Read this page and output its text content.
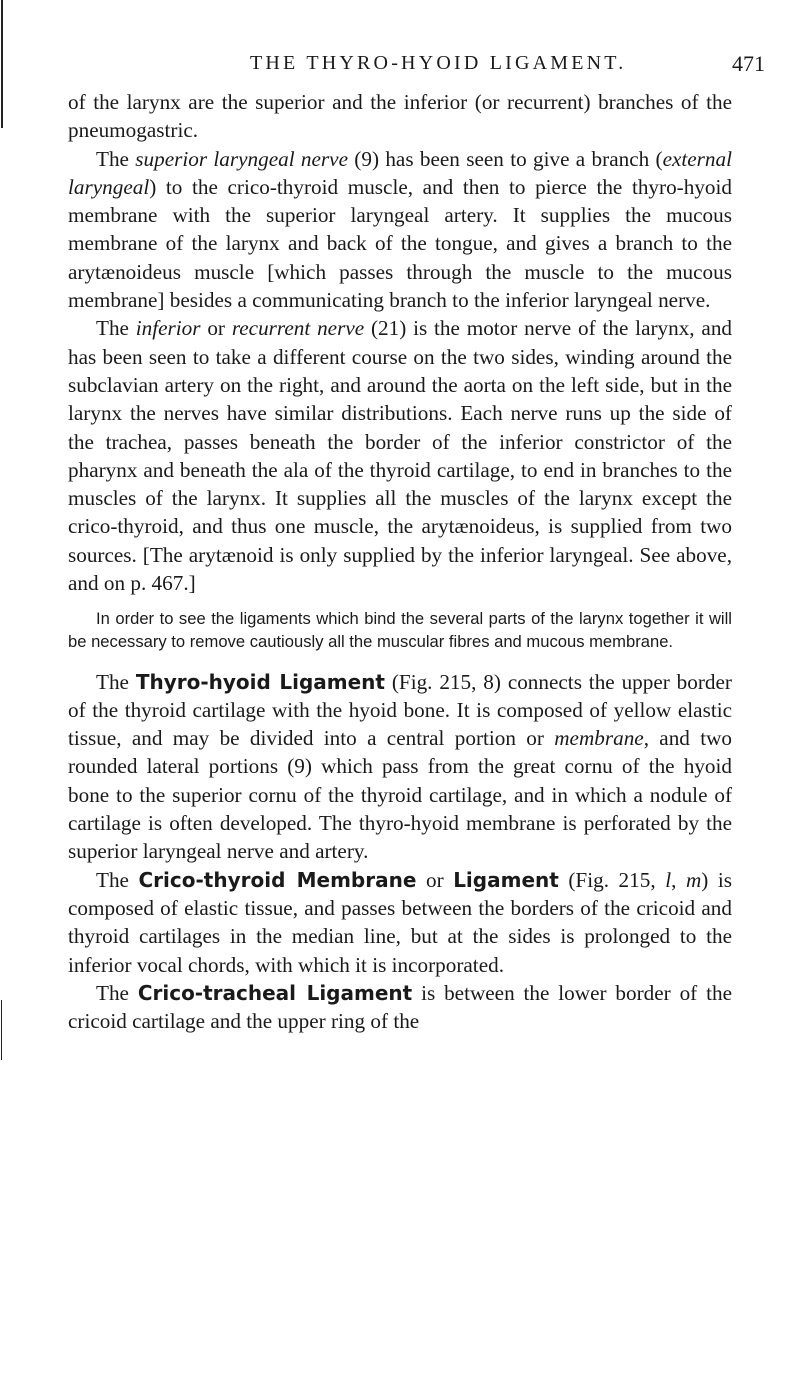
THE THYRO-HYOID LIGAMENT.	471

of the larynx are the superior and the inferior (or recurrent) branches of the pneumogastric.

The superior laryngeal nerve (9) has been seen to give a branch (external laryngeal) to the crico-thyroid muscle, and then to pierce the thyro-hyoid membrane with the superior laryngeal artery. It supplies the mucous membrane of the larynx and back of the tongue, and gives a branch to the arytænoideus muscle [which passes through the muscle to the mucous membrane] besides a communicating branch to the inferior laryngeal nerve.

The inferior or recurrent nerve (21) is the motor nerve of the larynx, and has been seen to take a different course on the two sides, winding around the subclavian artery on the right, and around the aorta on the left side, but in the larynx the nerves have similar distributions. Each nerve runs up the side of the trachea, passes beneath the border of the inferior constrictor of the pharynx and beneath the ala of the thyroid cartilage, to end in branches to the muscles of the larynx. It supplies all the muscles of the larynx except the crico-thyroid, and thus one muscle, the arytænoideus, is supplied from two sources. [The arytænoid is only supplied by the inferior laryngeal. See above, and on p. 467.]

In order to see the ligaments which bind the several parts of the larynx together it will be necessary to remove cautiously all the muscular fibres and mucous membrane.

The Thyro-hyoid Ligament (Fig. 215, 8) connects the upper border of the thyroid cartilage with the hyoid bone. It is composed of yellow elastic tissue, and may be divided into a central portion or membrane, and two rounded lateral portions (9) which pass from the great cornu of the hyoid bone to the superior cornu of the thyroid cartilage, and in which a nodule of cartilage is often developed. The thyro-hyoid membrane is perforated by the superior laryngeal nerve and artery.

The Crico-thyroid Membrane or Ligament (Fig. 215, l, m) is composed of elastic tissue, and passes between the borders of the cricoid and thyroid cartilages in the median line, but at the sides is prolonged to the inferior vocal chords, with which it is incorporated.

The Crico-tracheal Ligament is between the lower border of the cricoid cartilage and the upper ring of the
